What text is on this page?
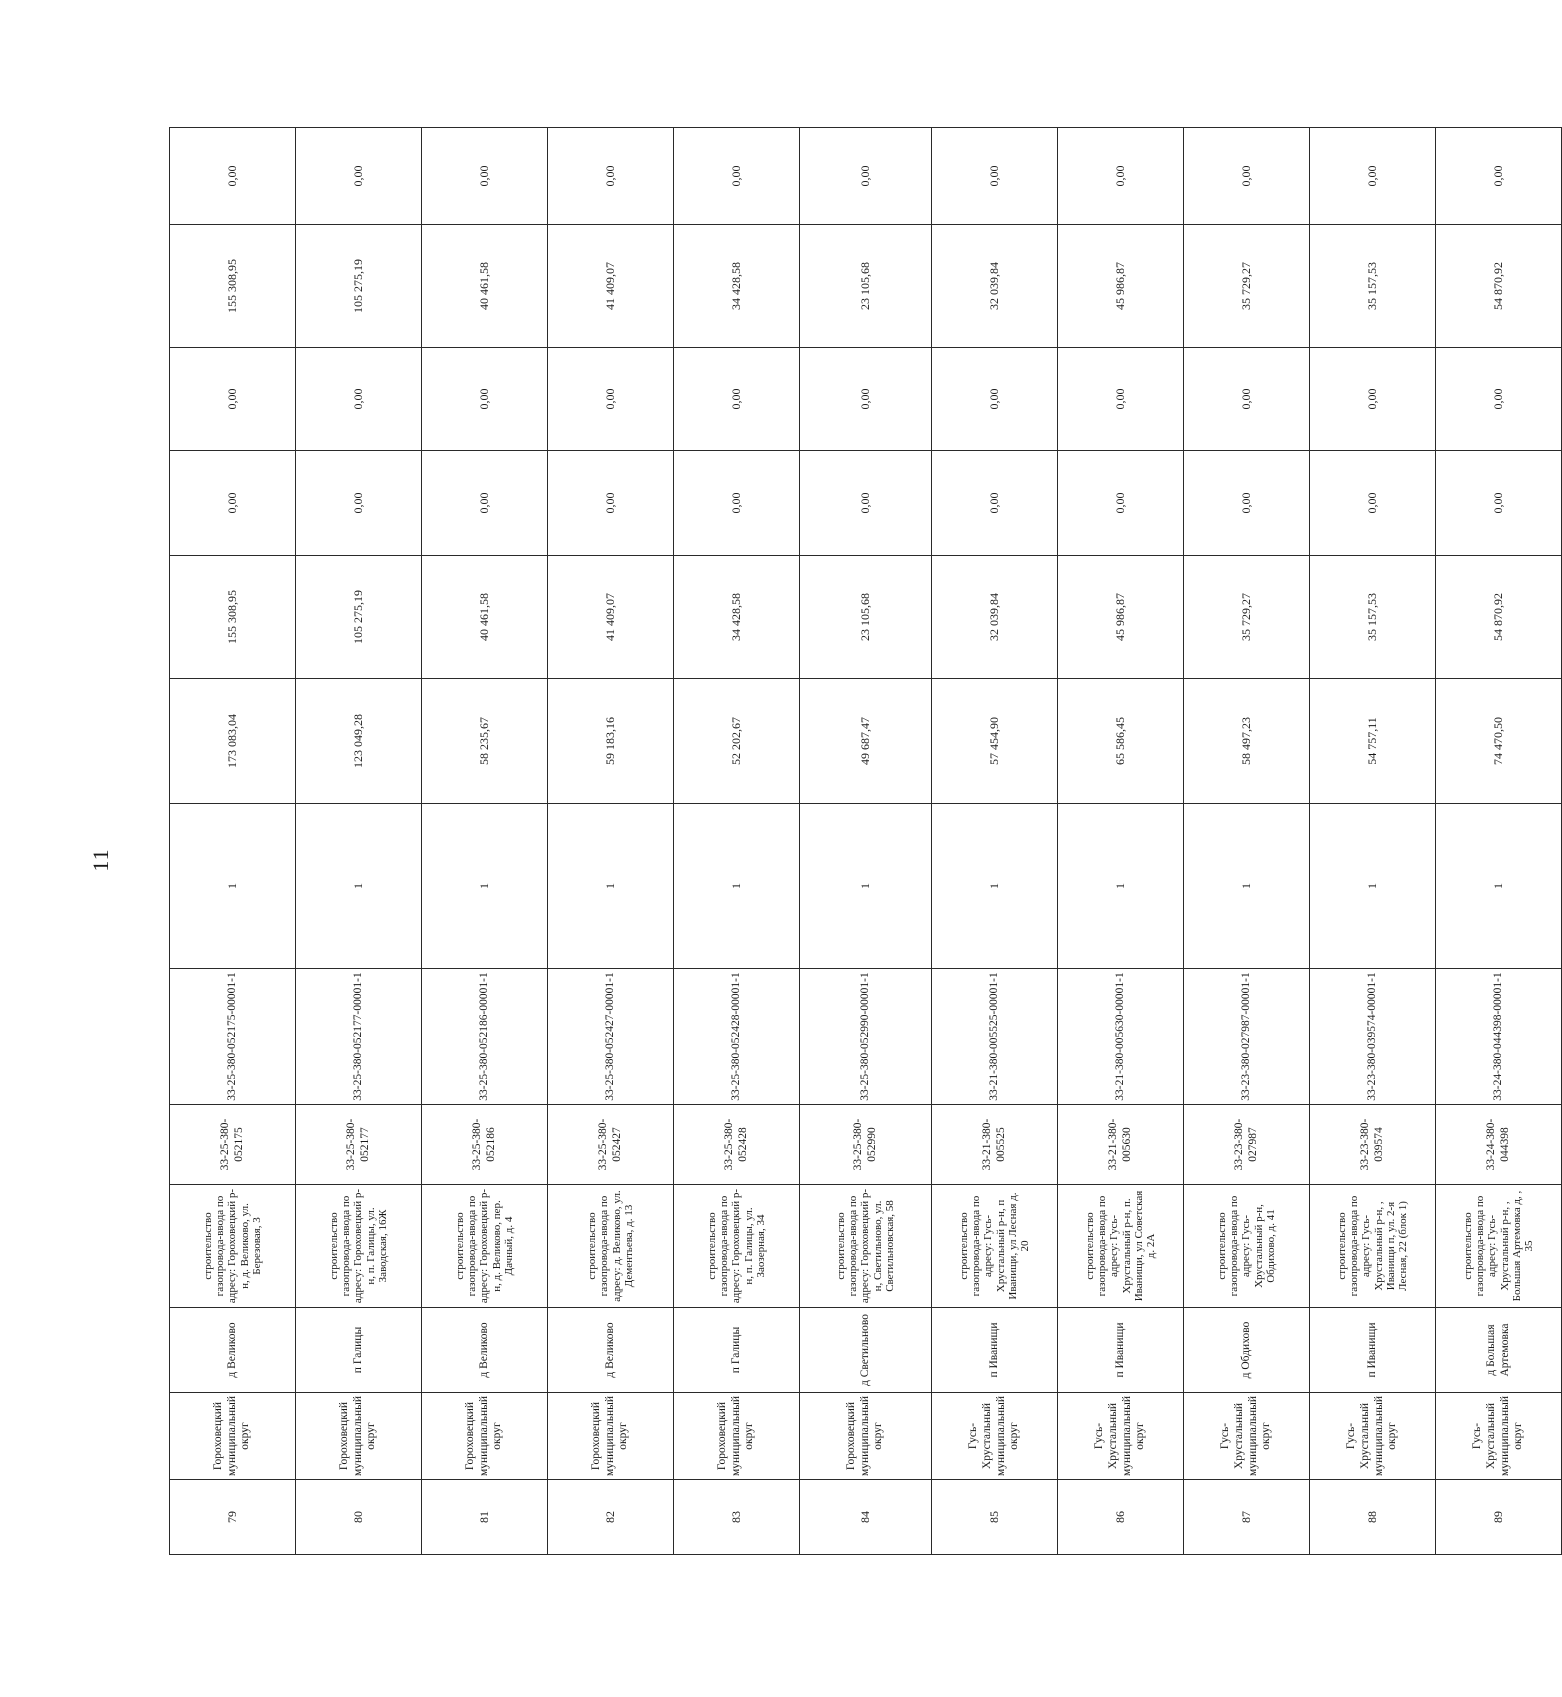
11
79	Гороховецкий муниципальный округ	д Великово	строительство газопровода-ввода по адресу: Гороховецкий р-н, д. Великово, ул. Березовая, 3	33-25-380-052175	33-25-380-052175-00001-1	1	173 083,04	155 308,95	0,00	0,00	155 308,95	0,00
80	Гороховецкий муниципальный округ	п Галицы	строительство газопровода-ввода по адресу: Гороховецкий р-н, п. Галицы, ул. Заводская, 16Ж	33-25-380-052177	33-25-380-052177-00001-1	1	123 049,28	105 275,19	0,00	0,00	105 275,19	0,00
81	Гороховецкий муниципальный округ	д Великово	строительство газопровода-ввода по адресу: Гороховецкий р-н, д. Великово, пер. Дачный, д. 4	33-25-380-052186	33-25-380-052186-00001-1	1	58 235,67	40 461,58	0,00	0,00	40 461,58	0,00
82	Гороховецкий муниципальный округ	д Великово	строительство газопровода-ввода по адресу: д. Великово, ул. Дементьева, д. 13	33-25-380-052427	33-25-380-052427-00001-1	1	59 183,16	41 409,07	0,00	0,00	41 409,07	0,00
83	Гороховецкий муниципальный округ	п Галицы	строительство газопровода-ввода по адресу: Гороховецкий р-н, п. Галицы, ул. Заозерная, 34	33-25-380-052428	33-25-380-052428-00001-1	1	52 202,67	34 428,58	0,00	0,00	34 428,58	0,00
84	Гороховецкий муниципальный округ	д Светильново	строительство газопровода-ввода по адресу: Гороховецкий р-н, Светильново, ул. Светильновская, 58	33-25-380-052990	33-25-380-052990-00001-1	1	49 687,47	23 105,68	0,00	0,00	23 105,68	0,00
85	Гусь-Хрустальный муниципальный округ	п Иванищи	строительство газопровода-ввода по адресу: Гусь-Хрустальный р-н, п Иванищи, ул Лесная д. 20	33-21-380-005525	33-21-380-005525-00001-1	1	57 454,90	32 039,84	0,00	0,00	32 039,84	0,00
86	Гусь-Хрустальный муниципальный округ	п Иванищи	строительство газопровода-ввода по адресу: Гусь-Хрустальный р-н, п. Иванищи, ул Советская д. 2А	33-21-380-005630	33-21-380-005630-00001-1	1	65 586,45	45 986,87	0,00	0,00	45 986,87	0,00
87	Гусь-Хрустальный муниципальный округ	д Обдихово	строительство газопровода-ввода по адресу: Гусь-Хрустальный р-н, Обдихово, д. 41	33-23-380-027987	33-23-380-027987-00001-1	1	58 497,23	35 729,27	0,00	0,00	35 729,27	0,00
88	Гусь-Хрустальный муниципальный округ	п Иванищи	строительство газопровода-ввода по адресу: Гусь-Хрустальный р-н, , Иванищи п, ул. 2-я Лесная, 22 (блок 1)	33-23-380-039574	33-23-380-039574-00001-1	1	54 757,11	35 157,53	0,00	0,00	35 157,53	0,00
89	Гусь-Хрустальный муниципальный округ	д Большая Артемовка	строительство газопровода-ввода по адресу: Гусь-Хрустальный р-н, , Большая Артемовка д, , 35	33-24-380-044398	33-24-380-044398-00001-1	1	74 470,50	54 870,92	0,00	0,00	54 870,92	0,00
